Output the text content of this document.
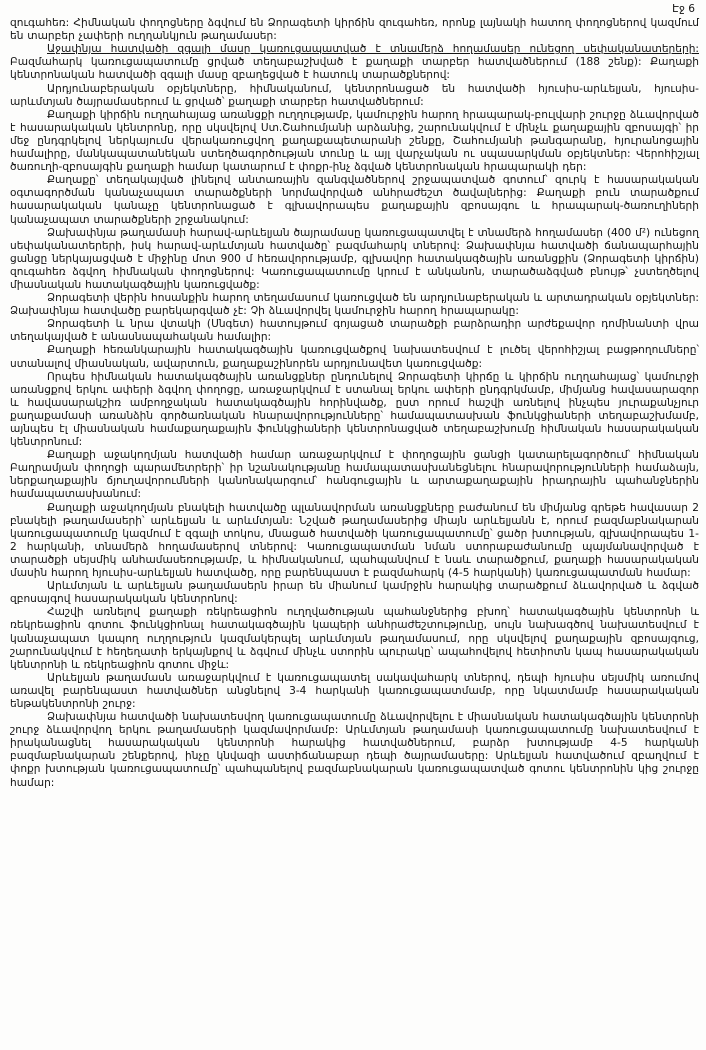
Էջ 6

զուգահեռ: Հիմնական փողոցները ձգվում են Ձորագետի կիրճին զուգահեռ, որոնք լայնակի հատող փողոցներով կազմում են տարբեր չափերի ուղղանկյուն թաղամասեր:

Աջափնյա հատվածի զգալի մասը կառուցապատված է տնամերձ հողամասեր ունեցող սեփականատերերի: Բազմահարկ կառուցապատումը ցրված տեղաբաշխված է քաղաքի տարբեր հատվածներում (188 շենք): Քաղաքի կենտրոնական հատվածի զգալի մասը զբաղեցված է հատուկ տարածքներով:

Արդյունաբերական օբյեկտները, հիմնականում, կենտրոնացած են հատվածի հյուսիս-արևելյան, հյուսիս-արևմտյան ծայրամասերում և ցրված՝ քաղաքի տարբեր հատվածներում:

Քաղաքի կիրճին ուղղահայաց առանցքի ուղղությամբ, կամուրջին հարող հրապարակ-բուլվարի շուրջը ձևավորված է հասարակական կենտրոնը, որը սկսվելով Ստ.Շահումյանի արձանից, շարունակվում է մինչև քաղաքային զբոսայգի՝ իր մեջ ընդգրկելով ներկայումս վերակառուցվող քաղաքապետարանի շենքը, Շահումյանի թանգարանը, հյուրանոցային համալիրը, մանկապատանեկան ստեղծագործության տունը և այլ վարչական ու սպասարկման օբյեկտներ: Վերոհիշյալ ծառուղի-զբոսայգին քաղաքի համար կատարում է փոքր-ինչ ձգված կենտրոնական հրապարակի դեր:

Քաղաքը՝ տեղակայված լինելով անտառային զանգվածներով շրջապատված գոտում՝ զուրկ է հասարակական օգտագործման կանաչապատ տարածքների նորմավորված անհրաժեշտ ծավալներից: Քաղաքի բուն տարածքում հասարակական կանաչը կենտրոնացած է գլխավորապես քաղաքային զբոսայգու և հրապարակ-ծառուղիների կանաչապատ տարածքների շրջանակում:

Ձախափնյա թաղամասի հարավ-արևելյան ծայրամասը կառուցապատվել է տնամերձ հողամասեր (400 մ²) ունեցող սեփականատերերի, իսկ հարավ-արևմտյան հատվածը՝ բազմահարկ տներով: Ձախափնյա հատվածի ճանապարհային ցանցը ներկայացված է միջինը մոտ 900 մ հեռավորությամբ, գլխավոր հատակագծային առանցքին (Ձորագետի կիրճին) զուգահեռ ձգվող հիմնական փողոցներով: Կառուցապատումը կրում է անկանոն, տարածաձգված բնույթ՝ չստեղծելով միասնական հատակագծային կառուցվածք:

Ձորագետի վերին հոսանքին հարող տեղամասում կառուցված են արդյունաբերական և արտադրական օբյեկտներ: Ձախափնյա հատվածը բարեկարգված չէ: Չի ձևավորվել կամուրջին հարող հրապարակը:

Ձորագետի և նրա վտակի (Սնգետ) հատույթում գոյացած տարածքի բարձրադիր արժեքավոր դոմինանտի վրա տեղակայված է անասնապահական համալիր:

Քաղաքի հեռանկարային հատակագծային կառուցվածքով նախատեսվում է լուծել վերոհիշյալ բացթողումները՝ ստանալով միասնական, ավարտուն, քաղաքաշինորեն արդյունավետ կառուցվածք:

Որպես հիմնական հատակագծային առանցքներ ընդունելով Ձորագետի կիրճը և կիրճին ուղղահայաց՝ կամուրջի առանցքով երկու ափերի ձգվող փողոցը, առաջարկվում է ստանալ երկու ափերի ընդգրկմամբ, միմյանց հավասարազոր և հավասարակշիռ ամբողջական հատակագծային հորինվածք, ըստ որում հաշվի առնելով ինչպես յուրաքանչյուր քաղաքամասի առանձին գործառնական հնարավորությունները՝ համապատասխան ֆունկցիաների տեղաբաշխմամբ, այնպես էլ միասնական համաքաղաքային ֆունկցիաների կենտրոնացված տեղաբաշխումը հիմնական հասարակական կենտրոնում:

Քաղաքի աջակողմյան հատվածի համար առաջարկվում է փողոցային ցանցի կատարելագործում՝ հիմնական Բաղրամյան փողոցի պարամետրերի՝ իր նշանակությանը համապատասխանեցնելու հնարավորությունների համաձայն, ներքաղաքային ճյուղավորումների կանոնակարգում՝ հանգուցային և արտաքաղաքային իրադրային պահանջներին համապատասխանում:

Քաղաքի աջակողմյան բնակելի հատվածը պլանավորման առանցքները բաժանում են միմյանց գրեթե հավասար 2 բնակելի թաղամասերի՝ արևելյան և արևմտյան: Նշված թաղամասերից միայն արևելյանն է, որում բազմաբնակարան կառուցապատումը կազմում է զգալի տոկոս, մնացած հատվածի կառուցապատումը՝ ցածր խտության, գլխավորապես 1-2 հարկանի, տնամերձ հողամասերով տներով: Կառուցապատման նման ստորաբաժանումը պայմանավորված է տարածքի սեյսմիկ անհամասեռությամբ, և հիմնականում, պահպանվում է նաև տարածքում, քաղաքի հասարակական մասին հարող հյուսիս-արևելյան հատվածը, որը բարենպաստ է բազմահարկ (4-5 հարկանի) կառուցապատման համար:

Արևմտյան և արևելյան թաղամասերն իրար են միանում կամրջին հարակից տարածքում ձևավորված և ձգված զբոսայգով հասարակական կենտրոնով:

Հաշվի առնելով քաղաքի ռեկրեացիոն ուղղվածության պահանջներից բխող՝ հատակագծային կենտրոնի և ռեկրեացիոն գոտու ֆունկցիոնալ հատակագծային կապերի անհրաժեշտությունը, սույն նախագծով նախատեսվում է կանաչապատ կապող ուղղություն կազմակերպել արևմտյան թաղամասում, որը սկսվելով քաղաքային զբոսայգուց, շարունակվում է հեղեղատի երկայնքով և ձգվում մինչև ստորին պուրակը՝ ապահովելով հետիոտն կապ հասարակական կենտրոնի և ռեկրեացիոն գոտու միջև:

Արևելյան թաղամասն առաջարկվում է կառուցապատել սակավահարկ տներով, դեպի հյուսիս սեյսմիկ առումով առավել բարենպաստ հատվածներ անցնելով 3-4 հարկանի կառուցապատմամբ, որը նկատմամբ հասարակական ենթակենտրոնի շուրջ:

Ձախափնյա հատվածի նախատեսվող կառուցապատումը ձևավորվելու է միասնական հատակագծային կենտրոնի շուրջ ձևավորվող երկու թաղամասերի կազմավորմամբ: Արևմտյան թաղամասի կառուցապատումը նախատեսվում է իրականացնել հասարակական կենտրոնի հարակից հատվածներում, բարձր խտությամբ 4-5 հարկանի բազմաբնակարան շենքերով, ինչը կնվազի աստիճանաբար դեպի ծայրամասերը: Արևելյան հատվածում զբաղվում է փոքր խտության կառուցապատումը՝ պահպանելով բազմաբնակարան կառուցապատված գոտու կենտրոնին կից շուրջը համար:
